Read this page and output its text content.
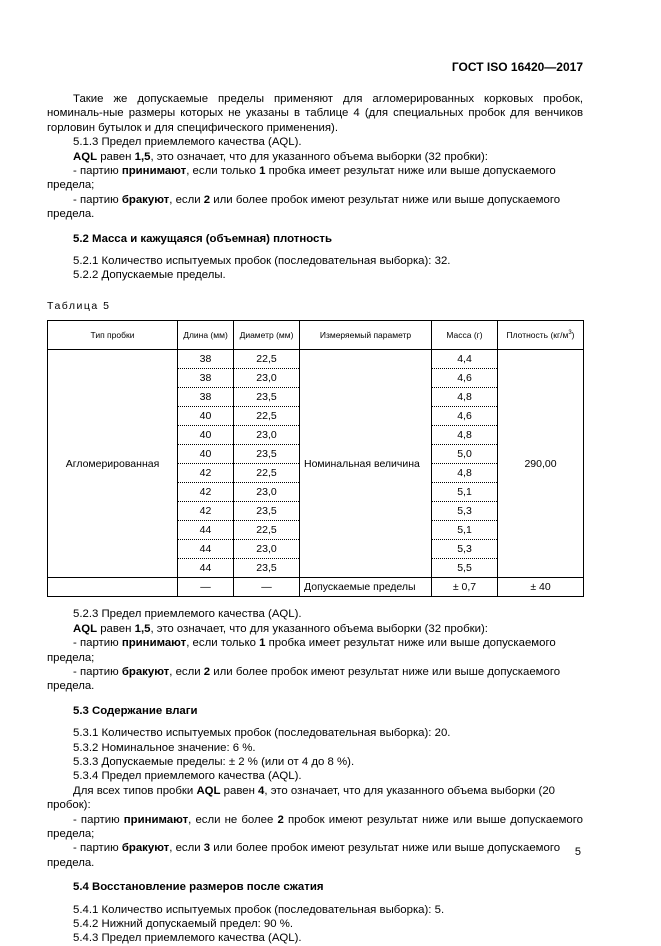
ГОСТ ISO 16420—2017

Такие же допускаемые пределы применяют для агломерированных корковых пробок, номиналь-ные размеры которых не указаны в таблице 4 (для специальных пробок для венчиков горловин бутылок и для специфического применения).

5.1.3 Предел приемлемого качества (AQL).

AQL равен 1,5, это означает, что для указанного объема выборки (32 пробки):

- партию принимают, если только 1 пробка имеет результат ниже или выше допускаемого предела;

- партию бракуют, если 2 или более пробок имеют результат ниже или выше допускаемого предела.

5.2 Масса и кажущаяся (объемная) плотность

5.2.1 Количество испытуемых пробок (последовательная выборка): 32.

5.2.2 Допускаемые пределы.

Таблица 5
Тип пробки	Длина (мм)	Диаметр (мм)	Измеряемый параметр	Масса (г)	Плотность $(кг/м^3)$
Агломерированная	38	22,5	Номинальная величина	4,4	290,00
	38	23,0		4,6	
	38	23,5		4,8	
	40	22,5		4,6	
	40	23,0		4,8	
	40	23,5		5,0	
	42	22,5		4,8	
	42	23,0		5,1	
	42	23,5		5,3	
	44	22,5		5,1	
	44	23,0		5,3	
	44	23,5		5,5	
	—	—	Допускаемые пределы	± 0,7	± 40

5.2.3 Предел приемлемого качества (AQL).

AQL равен 1,5, это означает, что для указанного объема выборки (32 пробки):

- партию принимают, если только 1 пробка имеет результат ниже или выше допускаемого предела;

- партию бракуют, если 2 или более пробок имеют результат ниже или выше допускаемого предела.

5.3 Содержание влаги

5.3.1 Количество испытуемых пробок (последовательная выборка): 20.

5.3.2 Номинальное значение: 6 %.

5.3.3 Допускаемые пределы: ± 2 % (или от 4 до 8 %).

5.3.4 Предел приемлемого качества (AQL).

Для всех типов пробки AQL равен 4, это означает, что для указанного объема выборки (20 пробок):

- партию принимают, если не более 2 пробок имеют результат ниже или выше допускаемого

предела;

- партию бракуют, если 3 или более пробок имеют результат ниже или выше допускаемого предела.

5.4 Восстановление размеров после сжатия

5.4.1 Количество испытуемых пробок (последовательная выборка): 5.

5.4.2 Нижний допускаемый предел: 90 %.

5.4.3 Предел приемлемого качества (AQL).

5
